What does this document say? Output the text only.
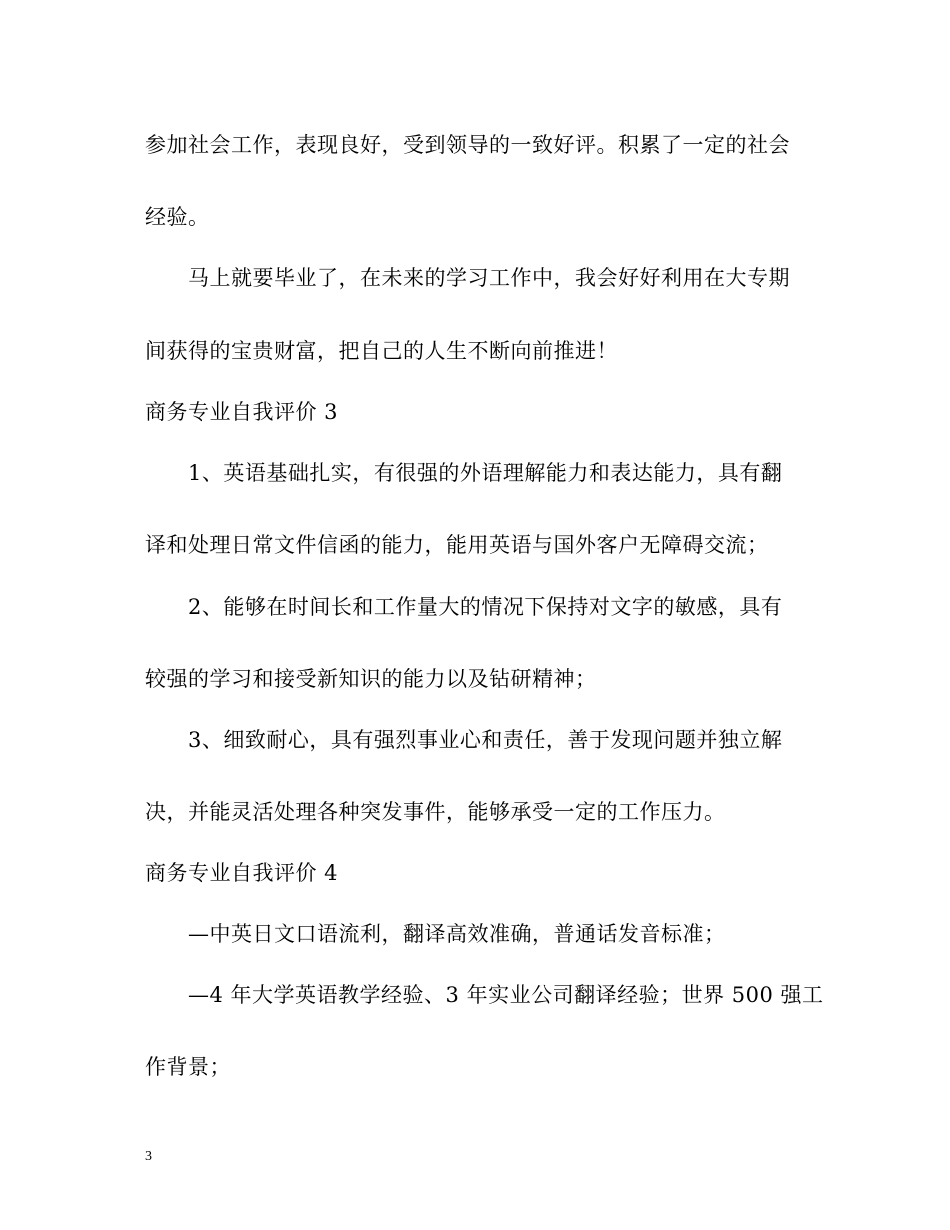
参加社会工作，表现良好，受到领导的一致好评。积累了一定的社会
经验。
马上就要毕业了，在未来的学习工作中，我会好好利用在大专期
间获得的宝贵财富，把自己的人生不断向前推进！
商务专业自我评价 3
1、英语基础扎实，有很强的外语理解能力和表达能力，具有翻
译和处理日常文件信函的能力，能用英语与国外客户无障碍交流；
2、能够在时间长和工作量大的情况下保持对文字的敏感，具有
较强的学习和接受新知识的能力以及钻研精神；
3、细致耐心，具有强烈事业心和责任，善于发现问题并独立解
决，并能灵活处理各种突发事件，能够承受一定的工作压力。
商务专业自我评价 4
—中英日文口语流利，翻译高效准确，普通话发音标准；
—4 年大学英语教学经验、3 年实业公司翻译经验；世界 500 强工
作背景；
3
